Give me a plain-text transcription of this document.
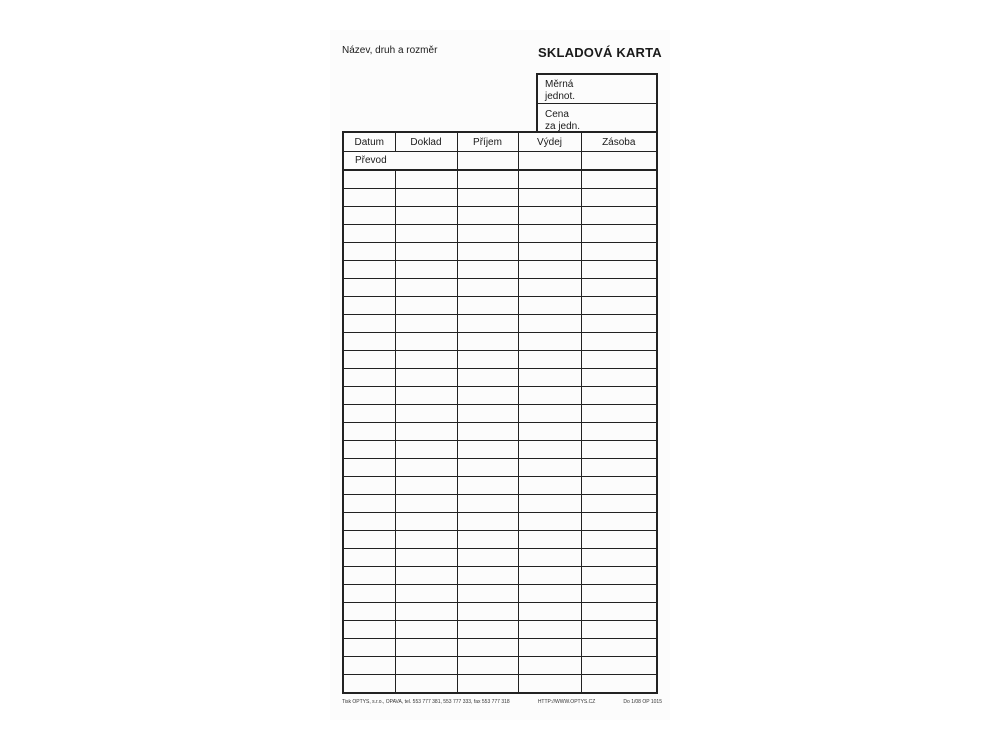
Název, druh a rozměr	SKLADOVÁ KARTA
Měrná
jednot.
Cena
za jedn.
Datum	Doklad	Příjem	Výdej	Zásoba
Převod				

Tisk OPTYS, s.r.o., OPAVA, tel. 553 777 381, 553 777 333, fax 553 777 318	HTTP://WWW.OPTYS.CZ	Do 1/08 OP 1015
